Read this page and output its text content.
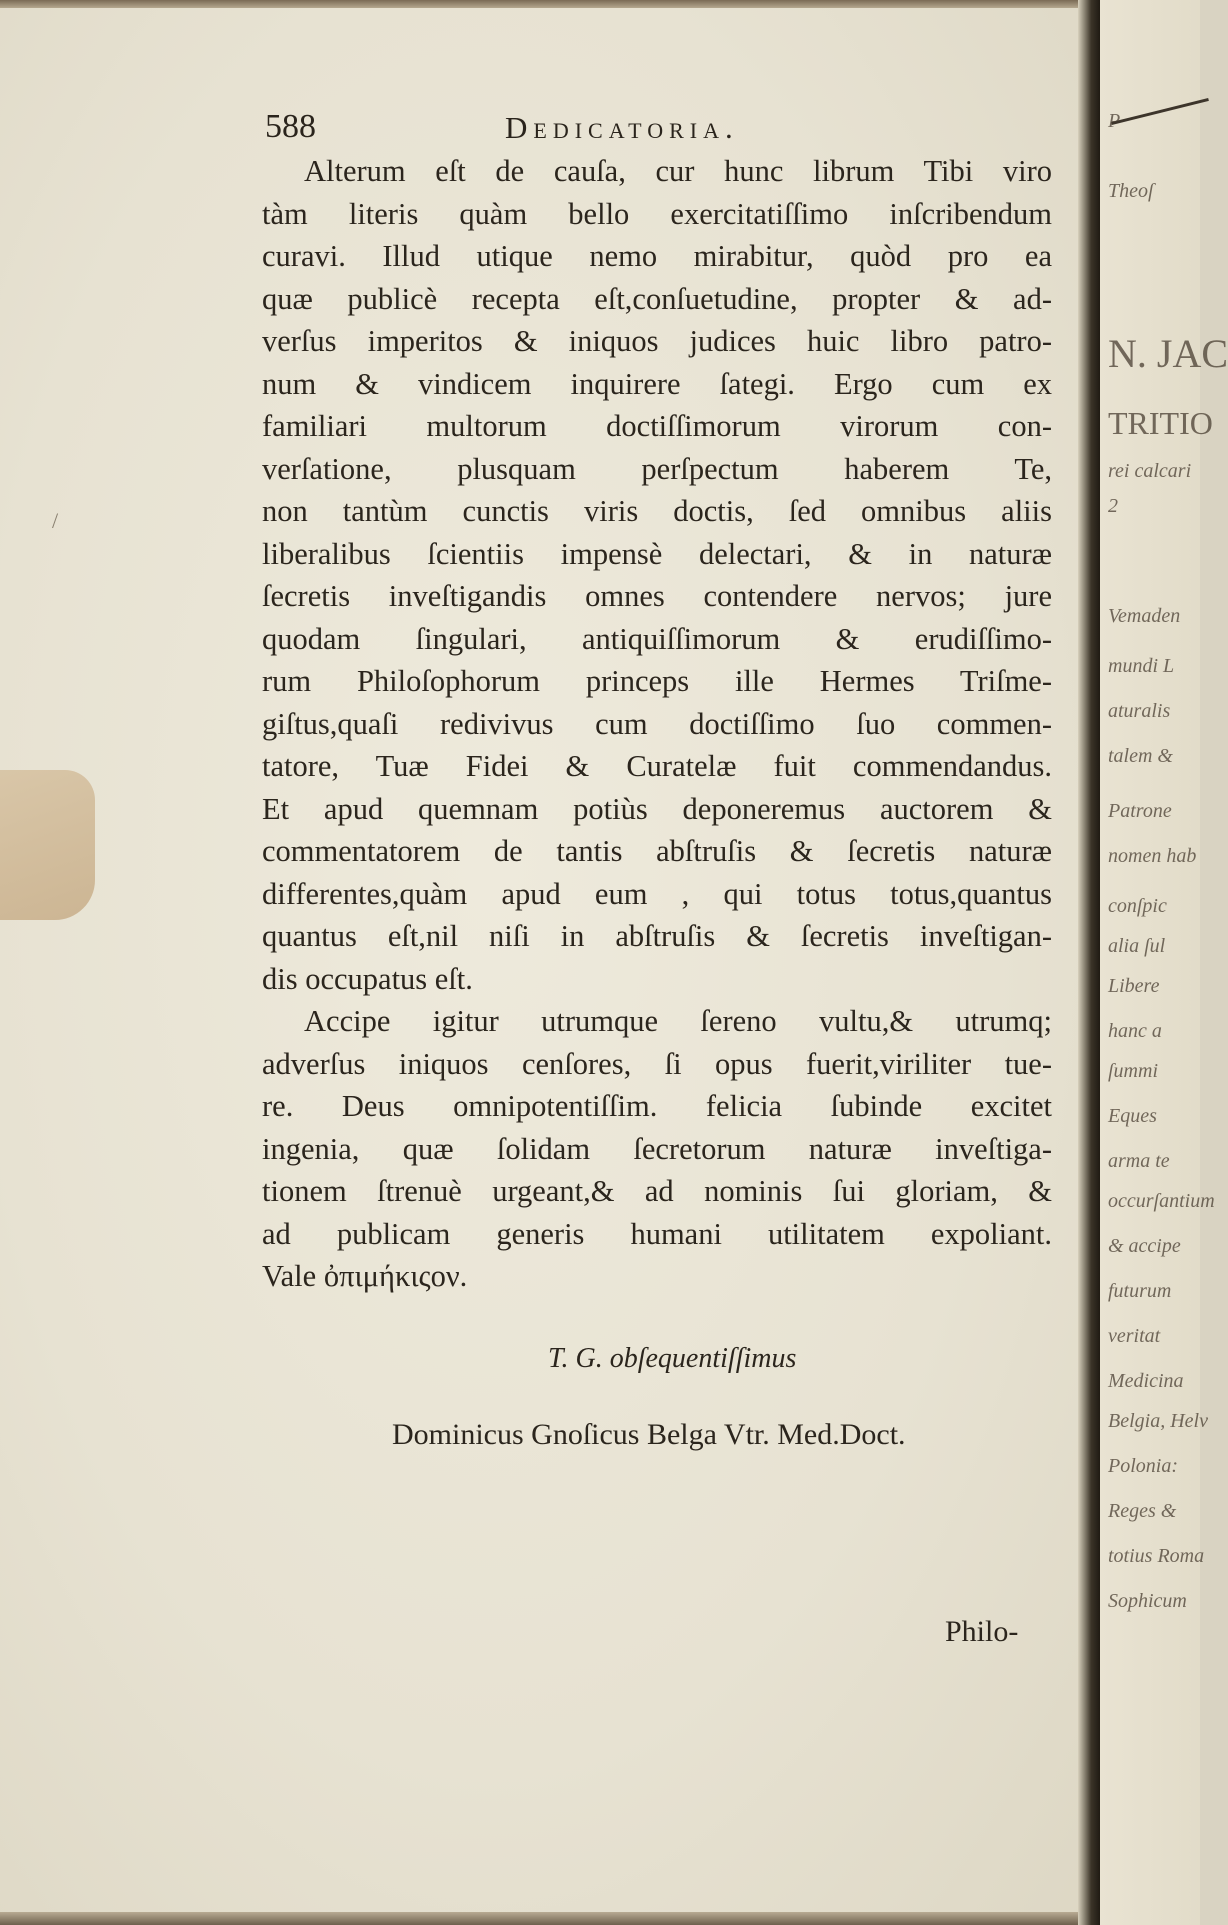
/
P
Theoſ
N. JAC
TRITIO
rei calcari
2
Vemaden
mundi L
aturalis
talem &
Patrone
nomen hab
conſpic
alia ſul
Libere
hanc a
ſummi
Eques
arma te
occurſantium
& accipe
futurum
veritat
Medicina
Belgia, Helv
Polonia:
Reges &
totius Roma
Sophicum
588	Dedicatoria.
Alterum eſt de cauſa, cur hunc librum Tibi viro
tàm literis quàm bello exercitatiſſimo inſcribendum
curavi. Illud utique nemo mirabitur, quòd pro ea
quæ publicè recepta eſt,conſuetudine, propter & ad-
verſus imperitos & iniquos judices huic libro patro-
num & vindicem inquirere ſategi. Ergo cum ex
familiari multorum doctiſſimorum virorum con-
verſatione, plusquam perſpectum haberem Te,
non tantùm cunctis viris doctis, ſed omnibus aliis
liberalibus ſcientiis impensè delectari, & in naturæ
ſecretis inveſtigandis omnes contendere nervos; jure
quodam ſingulari, antiquiſſimorum & erudiſſimo-
rum Philoſophorum princeps ille Hermes Triſme-
giſtus,quaſi redivivus cum doctiſſimo ſuo commen-
tatore, Tuæ Fidei & Curatelæ fuit commendandus.
Et apud quemnam potiùs deponeremus auctorem &
commentatorem de tantis abſtruſis & ſecretis naturæ
differentes,quàm apud eum , qui totus totus,quantus
quantus eſt,nil niſi in abſtruſis & ſecretis inveſtigan-
dis occupatus eſt.
Accipe igitur utrumque ſereno vultu,& utrumq;
adverſus iniquos cenſores, ſi opus fuerit,viriliter tue-
re. Deus omnipotentiſſim. felicia ſubinde excitet
ingenia, quæ ſolidam ſecretorum naturæ inveſtiga-
tionem ſtrenuè urgeant,& ad nominis ſui gloriam, &
ad publicam generis humani utilitatem expoliant.
Vale ὀπιμήκιςον.
T. G. obſequentiſſimus
Dominicus Gnoſicus Belga Vtr. Med.Doct.
Philo-
